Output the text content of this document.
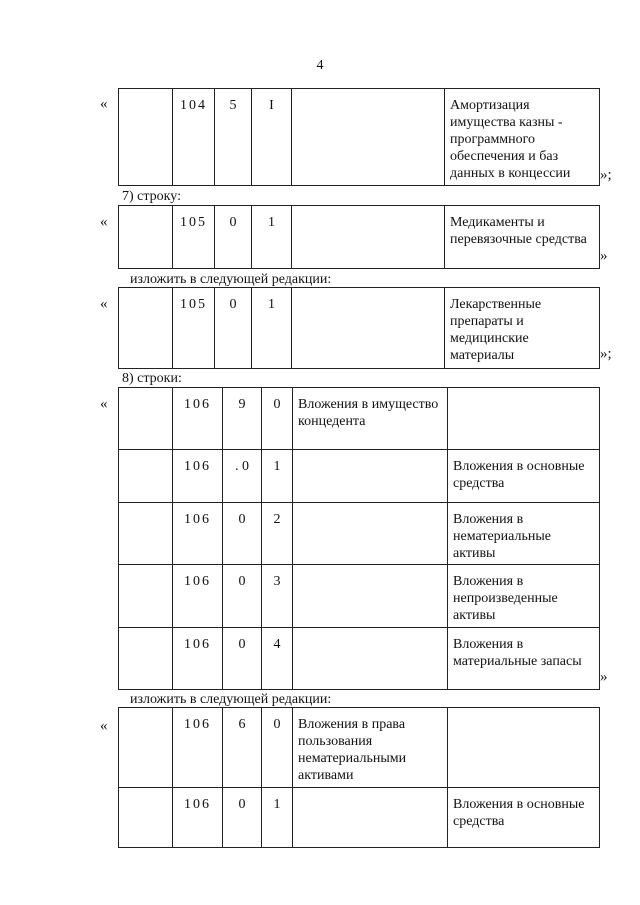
4
«
		104	5	I		Амортизация имущества казны - программного обеспечения и баз данных в концессии »;
7) строку:
«
		105	0	1		Медикаменты и перевязочные средства
»
изложить в следующей редакции:
«
		105	0	1		Лекарственные препараты и медицинские материалы	»;
8) строки:
«
		106	9	0	Вложения в имущество концедента	
	106	. 0	1		Вложения в основные средства
	106	0	2		Вложения в нематериальные активы
	106	0	3		Вложения в непроизведенные активы
	106	0	4		Вложения в материальные запасы
»
изложить в следующей редакции:
«
		106	6	0	Вложения в права пользования нематериальными активами	
	106	0	1		Вложения в основные средства
